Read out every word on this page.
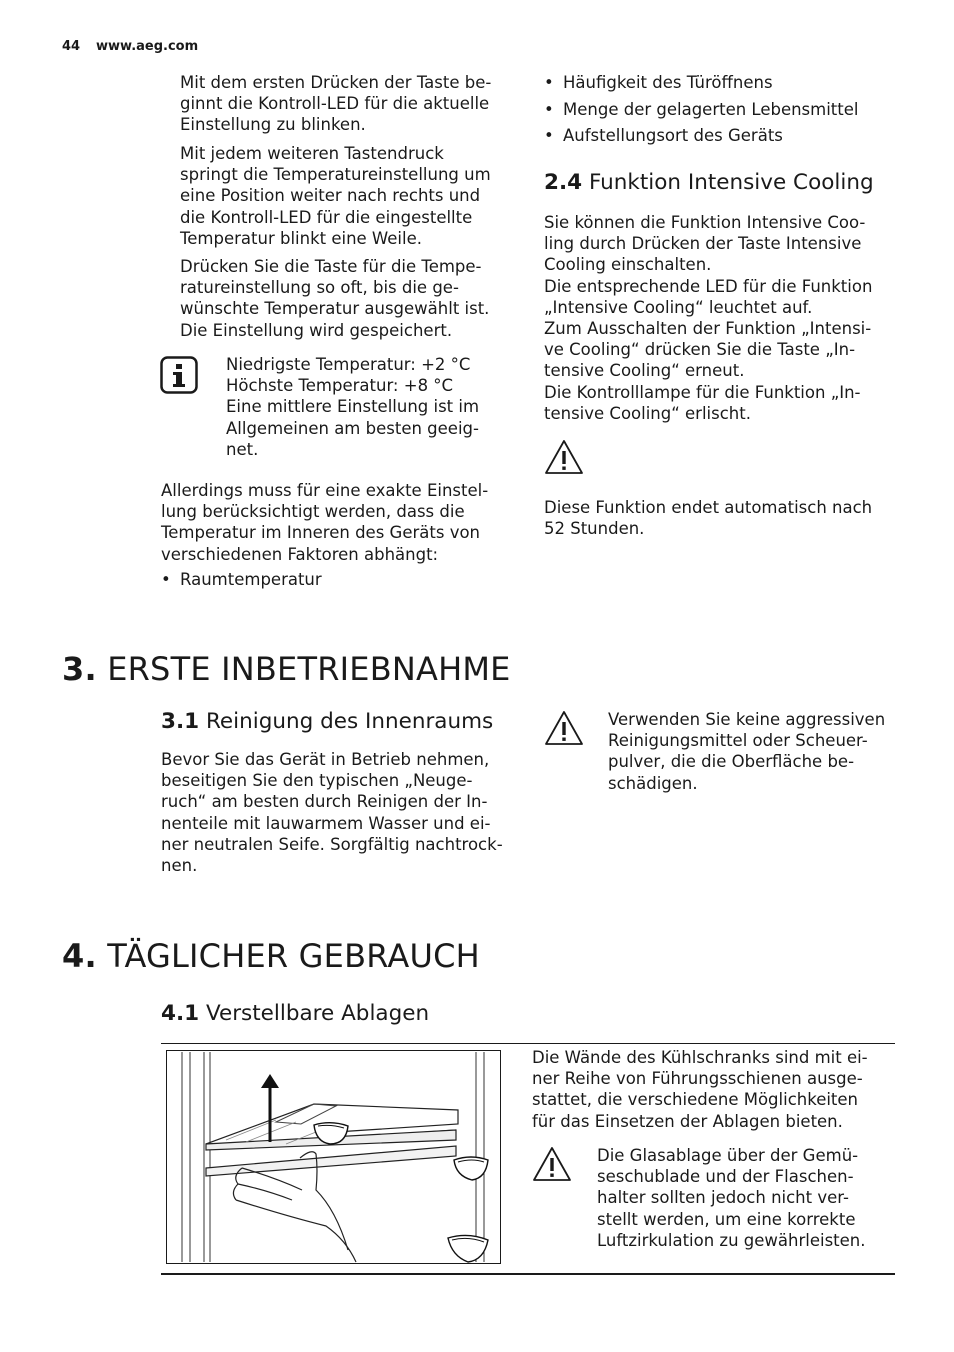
44 www.aeg.com
Mit dem ersten Drücken der Taste be-
ginnt die Kontroll-LED für die aktuelle
Einstellung zu blinken.
Mit jedem weiteren Tastendruck
springt die Temperatureinstellung um
eine Position weiter nach rechts und
die Kontroll-LED für die eingestellte
Temperatur blinkt eine Weile.
Drücken Sie die Taste für die Tempe-
ratureinstellung so oft, bis die ge-
wünschte Temperatur ausgewählt ist.
Die Einstellung wird gespeichert.
Niedrigste Temperatur: +2 °C
Höchste Temperatur: +8 °C
Eine mittlere Einstellung ist im
Allgemeinen am besten geeig-
net.
Allerdings muss für eine exakte Einstel-
lung berücksichtigt werden, dass die
Temperatur im Inneren des Geräts von
verschiedenen Faktoren abhängt:
• Raumtemperatur
• Häufigkeit des Türöffnens
• Menge der gelagerten Lebensmittel
• Aufstellungsort des Geräts
2.4 Funktion Intensive Cooling
Sie können die Funktion Intensive Coo-
ling durch Drücken der Taste Intensive
Cooling einschalten.
Die entsprechende LED für die Funktion
„Intensive Cooling“ leuchtet auf.
Zum Ausschalten der Funktion „Intensi-
ve Cooling“ drücken Sie die Taste „In-
tensive Cooling“ erneut.
Die Kontrolllampe für die Funktion „In-
tensive Cooling“ erlischt.
Diese Funktion endet automatisch nach
52 Stunden.
3. ERSTE INBETRIEBNAHME
3.1 Reinigung des Innenraums
Bevor Sie das Gerät in Betrieb nehmen,
beseitigen Sie den typischen „Neuge-
ruch“ am besten durch Reinigen der In-
nenteile mit lauwarmem Wasser und ei-
ner neutralen Seife. Sorgfältig nachtrock-
nen.
Verwenden Sie keine aggressiven
Reinigungsmittel oder Scheuer-
pulver, die die Oberfläche be-
schädigen.
4. TÄGLICHER GEBRAUCH
4.1 Verstellbare Ablagen
Die Wände des Kühlschranks sind mit ei-
ner Reihe von Führungsschienen ausge-
stattet, die verschiedene Möglichkeiten
für das Einsetzen der Ablagen bieten.
Die Glasablage über der Gemü-
seschublade und der Flaschen-
halter sollten jedoch nicht ver-
stellt werden, um eine korrekte
Luftzirkulation zu gewährleisten.
